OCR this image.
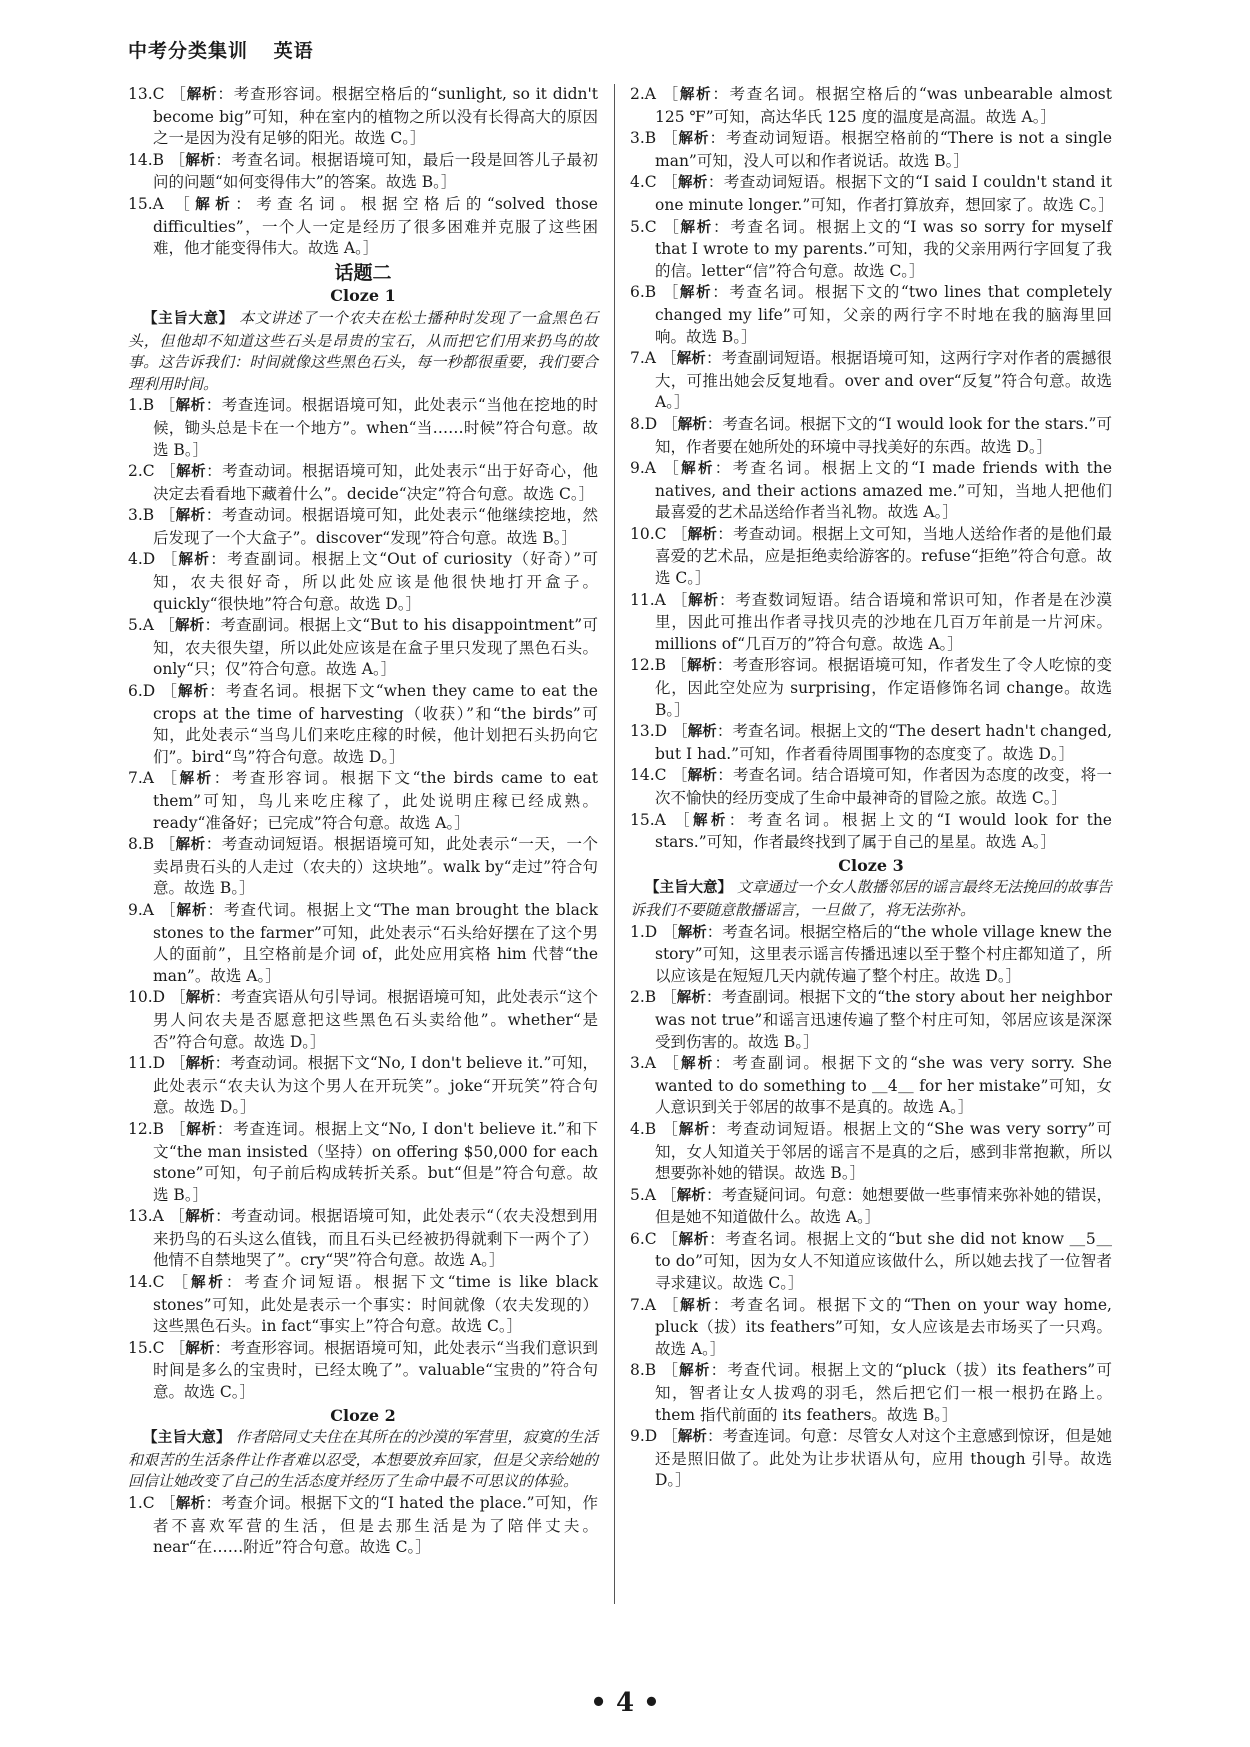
中考分类集训 英语

13.C ［解析：考查形容词。根据空格后的“sunlight, so it didn't become big”可知，种在室内的植物之所以没有长得高大的原因之一是因为没有足够的阳光。故选 C。］

14.B ［解析：考查名词。根据语境可知，最后一段是回答儿子最初问的问题“如何变得伟大”的答案。故选 B。］

15.A ［解析：考查名词。根据空格后的“solved those difficulties”，一个人一定是经历了很多困难并克服了这些困难，他才能变得伟大。故选 A。］

话题二
Cloze 1

【主旨大意】 本文讲述了一个农夫在松土播种时发现了一盒黑色石头，但他却不知道这些石头是昂贵的宝石，从而把它们用来扔鸟的故事。这告诉我们：时间就像这些黑色石头，每一秒都很重要，我们要合理利用时间。

1.B ［解析：考查连词。根据语境可知，此处表示“当他在挖地的时候，锄头总是卡在一个地方”。when“当……时候”符合句意。故选 B。］

2.C ［解析：考查动词。根据语境可知，此处表示“出于好奇心，他决定去看看地下藏着什么”。decide“决定”符合句意。故选 C。］

3.B ［解析：考查动词。根据语境可知，此处表示“他继续挖地，然后发现了一个大盒子”。discover“发现”符合句意。故选 B。］

4.D ［解析：考查副词。根据上文“Out of curiosity（好奇）”可知，农夫很好奇，所以此处应该是他很快地打开盒子。quickly“很快地”符合句意。故选 D。］

5.A ［解析：考查副词。根据上文“But to his disappointment”可知，农夫很失望，所以此处应该是在盒子里只发现了黑色石头。only“只；仅”符合句意。故选 A。］

6.D ［解析：考查名词。根据下文“when they came to eat the crops at the time of harvesting（收获）”和“the birds”可知，此处表示“当鸟儿们来吃庄稼的时候，他计划把石头扔向它们”。bird“鸟”符合句意。故选 D。］

7.A ［解析：考查形容词。根据下文“the birds came to eat them”可知，鸟儿来吃庄稼了，此处说明庄稼已经成熟。ready“准备好；已完成”符合句意。故选 A。］

8.B ［解析：考查动词短语。根据语境可知，此处表示“一天，一个卖昂贵石头的人走过（农夫的）这块地”。walk by“走过”符合句意。故选 B。］

9.A ［解析：考查代词。根据上文“The man brought the black stones to the farmer”可知，此处表示“石头给好摆在了这个男人的面前”，且空格前是介词 of，此处应用宾格 him 代替“the man”。故选 A。］

10.D ［解析：考查宾语从句引导词。根据语境可知，此处表示“这个男人问农夫是否愿意把这些黑色石头卖给他”。whether“是否”符合句意。故选 D。］

11.D ［解析：考查动词。根据下文“No, I don't believe it.”可知，此处表示“农夫认为这个男人在开玩笑”。joke“开玩笑”符合句意。故选 D。］

12.B ［解析：考查连词。根据上文“No, I don't believe it.”和下文“the man insisted（坚持）on offering $50,000 for each stone”可知，句子前后构成转折关系。but“但是”符合句意。故选 B。］

13.A ［解析：考查动词。根据语境可知，此处表示“（农夫没想到用来扔鸟的石头这么值钱，而且石头已经被扔得就剩下一两个了）他情不自禁地哭了”。cry“哭”符合句意。故选 A。］

14.C ［解析：考查介词短语。根据下文“time is like black stones”可知，此处是表示一个事实：时间就像（农夫发现的）这些黑色石头。in fact“事实上”符合句意。故选 C。］

15.C ［解析：考查形容词。根据语境可知，此处表示“当我们意识到时间是多么的宝贵时，已经太晚了”。valuable“宝贵的”符合句意。故选 C。］

Cloze 2

【主旨大意】 作者陪同丈夫住在其所在的沙漠的军营里，寂寞的生活和艰苦的生活条件让作者难以忍受，本想要放弃回家，但是父亲给她的回信让她改变了自己的生活态度并经历了生命中最不可思议的体验。

1.C ［解析：考查介词。根据下文的“I hated the place.”可知，作者不喜欢军营的生活，但是去那生活是为了陪伴丈夫。near“在……附近”符合句意。故选 C。］

2.A ［解析：考查名词。根据空格后的“was unbearable almost 125 ℉”可知，高达华氏 125 度的温度是高温。故选 A。］

3.B ［解析：考查动词短语。根据空格前的“There is not a single man”可知，没人可以和作者说话。故选 B。］

4.C ［解析：考查动词短语。根据下文的“I said I couldn't stand it one minute longer.”可知，作者打算放弃，想回家了。故选 C。］

5.C ［解析：考查名词。根据上文的“I was so sorry for myself that I wrote to my parents.”可知，我的父亲用两行字回复了我的信。letter“信”符合句意。故选 C。］

6.B ［解析：考查名词。根据下文的“two lines that completely changed my life”可知，父亲的两行字不时地在我的脑海里回响。故选 B。］

7.A ［解析：考查副词短语。根据语境可知，这两行字对作者的震撼很大，可推出她会反复地看。over and over“反复”符合句意。故选 A。］

8.D ［解析：考查名词。根据下文的“I would look for the stars.”可知，作者要在她所处的环境中寻找美好的东西。故选 D。］

9.A ［解析：考查名词。根据上文的“I made friends with the natives, and their actions amazed me.”可知，当地人把他们最喜爱的艺术品送给作者当礼物。故选 A。］

10.C ［解析：考查动词。根据上文可知，当地人送给作者的是他们最喜爱的艺术品，应是拒绝卖给游客的。refuse“拒绝”符合句意。故选 C。］

11.A ［解析：考查数词短语。结合语境和常识可知，作者是在沙漠里，因此可推出作者寻找贝壳的沙地在几百万年前是一片河床。millions of“几百万的”符合句意。故选 A。］

12.B ［解析：考查形容词。根据语境可知，作者发生了令人吃惊的变化，因此空处应为 surprising，作定语修饰名词 change。故选 B。］

13.D ［解析：考查名词。根据上文的“The desert hadn't changed, but I had.”可知，作者看待周围事物的态度变了。故选 D。］

14.C ［解析：考查名词。结合语境可知，作者因为态度的改变，将一次不愉快的经历变成了生命中最神奇的冒险之旅。故选 C。］

15.A ［解析：考查名词。根据上文的“I would look for the stars.”可知，作者最终找到了属于自己的星星。故选 A。］

Cloze 3

【主旨大意】 文章通过一个女人散播邻居的谣言最终无法挽回的故事告诉我们不要随意散播谣言，一旦做了，将无法弥补。

1.D ［解析：考查名词。根据空格后的“the whole village knew the story”可知，这里表示谣言传播迅速以至于整个村庄都知道了，所以应该是在短短几天内就传遍了整个村庄。故选 D。］

2.B ［解析：考查副词。根据下文的“the story about her neighbor was not true”和谣言迅速传遍了整个村庄可知，邻居应该是深深受到伤害的。故选 B。］

3.A ［解析：考查副词。根据下文的“she was very sorry. She wanted to do something to ＿4＿ for her mistake”可知，女人意识到关于邻居的故事不是真的。故选 A。］

4.B ［解析：考查动词短语。根据上文的“She was very sorry”可知，女人知道关于邻居的谣言不是真的之后，感到非常抱歉，所以想要弥补她的错误。故选 B。］

5.A ［解析：考查疑问词。句意：她想要做一些事情来弥补她的错误，但是她不知道做什么。故选 A。］

6.C ［解析：考查名词。根据上文的“but she did not know ＿5＿ to do”可知，因为女人不知道应该做什么，所以她去找了一位智者寻求建议。故选 C。］

7.A ［解析：考查名词。根据下文的“Then on your way home, pluck（拔）its feathers”可知，女人应该是去市场买了一只鸡。故选 A。］

8.B ［解析：考查代词。根据上文的“pluck（拔）its feathers”可知，智者让女人拔鸡的羽毛，然后把它们一根一根扔在路上。them 指代前面的 its feathers。故选 B。］

9.D ［解析：考查连词。句意：尽管女人对这个主意感到惊讶，但是她还是照旧做了。此处为让步状语从句，应用 though 引导。故选 D。］

• 4 •
